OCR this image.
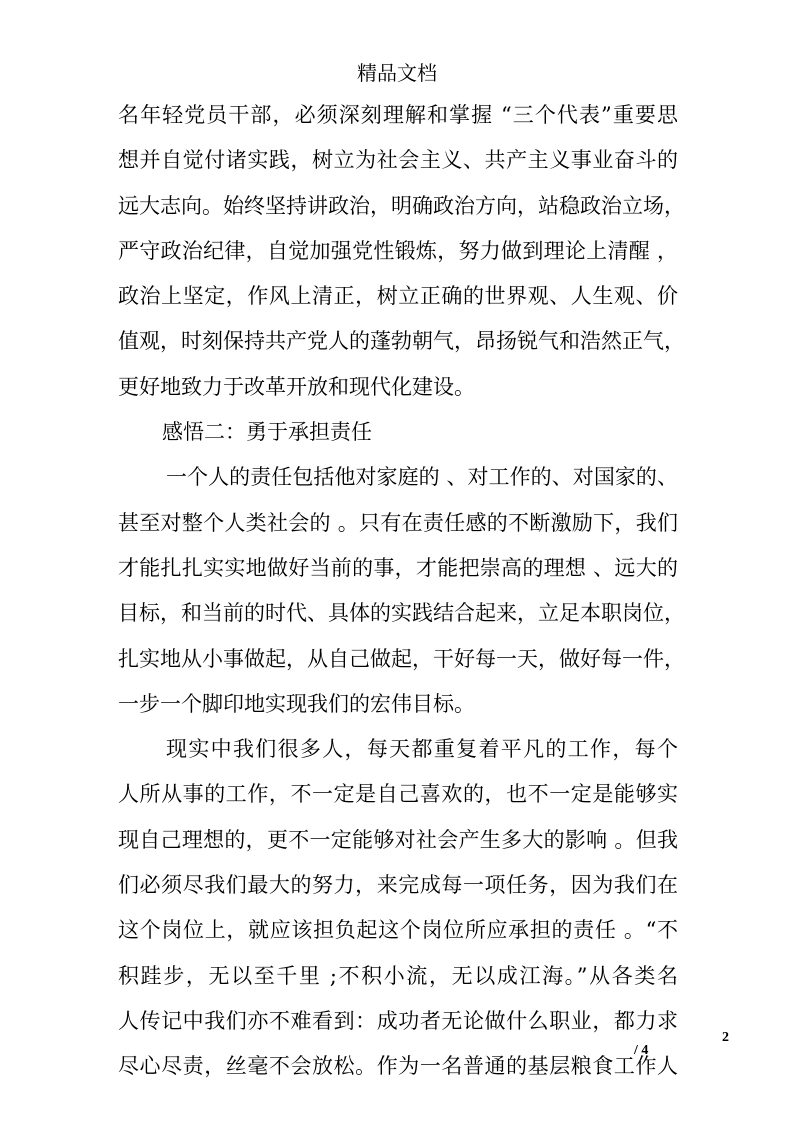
精品文档
名年轻党员干部，必须深刻理解和掌握 “三个代表”重要思
想并自觉付诸实践，树立为社会主义、共产主义事业奋斗的
远大志向。始终坚持讲政治，明确政治方向，站稳政治立场，
严守政治纪律，自觉加强党性锻炼，努力做到理论上清醒 ，
政治上坚定，作风上清正，树立正确的世界观、人生观、价
值观，时刻保持共产党人的蓬勃朝气，昂扬锐气和浩然正气，
更好地致力于改革开放和现代化建设。
感悟二：勇于承担责任
一个人的责任包括他对家庭的 、对工作的、对国家的、
甚至对整个人类社会的 。只有在责任感的不断激励下，我们
才能扎扎实实地做好当前的事，才能把崇高的理想 、远大的
目标，和当前的时代、具体的实践结合起来，立足本职岗位，
扎实地从小事做起，从自己做起，干好每一天，做好每一件，
一步一个脚印地实现我们的宏伟目标。
现实中我们很多人，每天都重复着平凡的工作，每个
人所从事的工作，不一定是自己喜欢的，也不一定是能够实
现自己理想的，更不一定能够对社会产生多大的影响 。但我
们必须尽我们最大的努力，来完成每一项任务，因为我们在
这个岗位上，就应该担负起这个岗位所应承担的责任 。“不
积跬步，无以至千里 ;不积小流，无以成江海。”从各类名
人传记中我们亦不难看到：成功者无论做什么职业，都力求
尽心尽责，丝毫不会放松。作为一名普通的基层粮食工作人
2
/ 4
